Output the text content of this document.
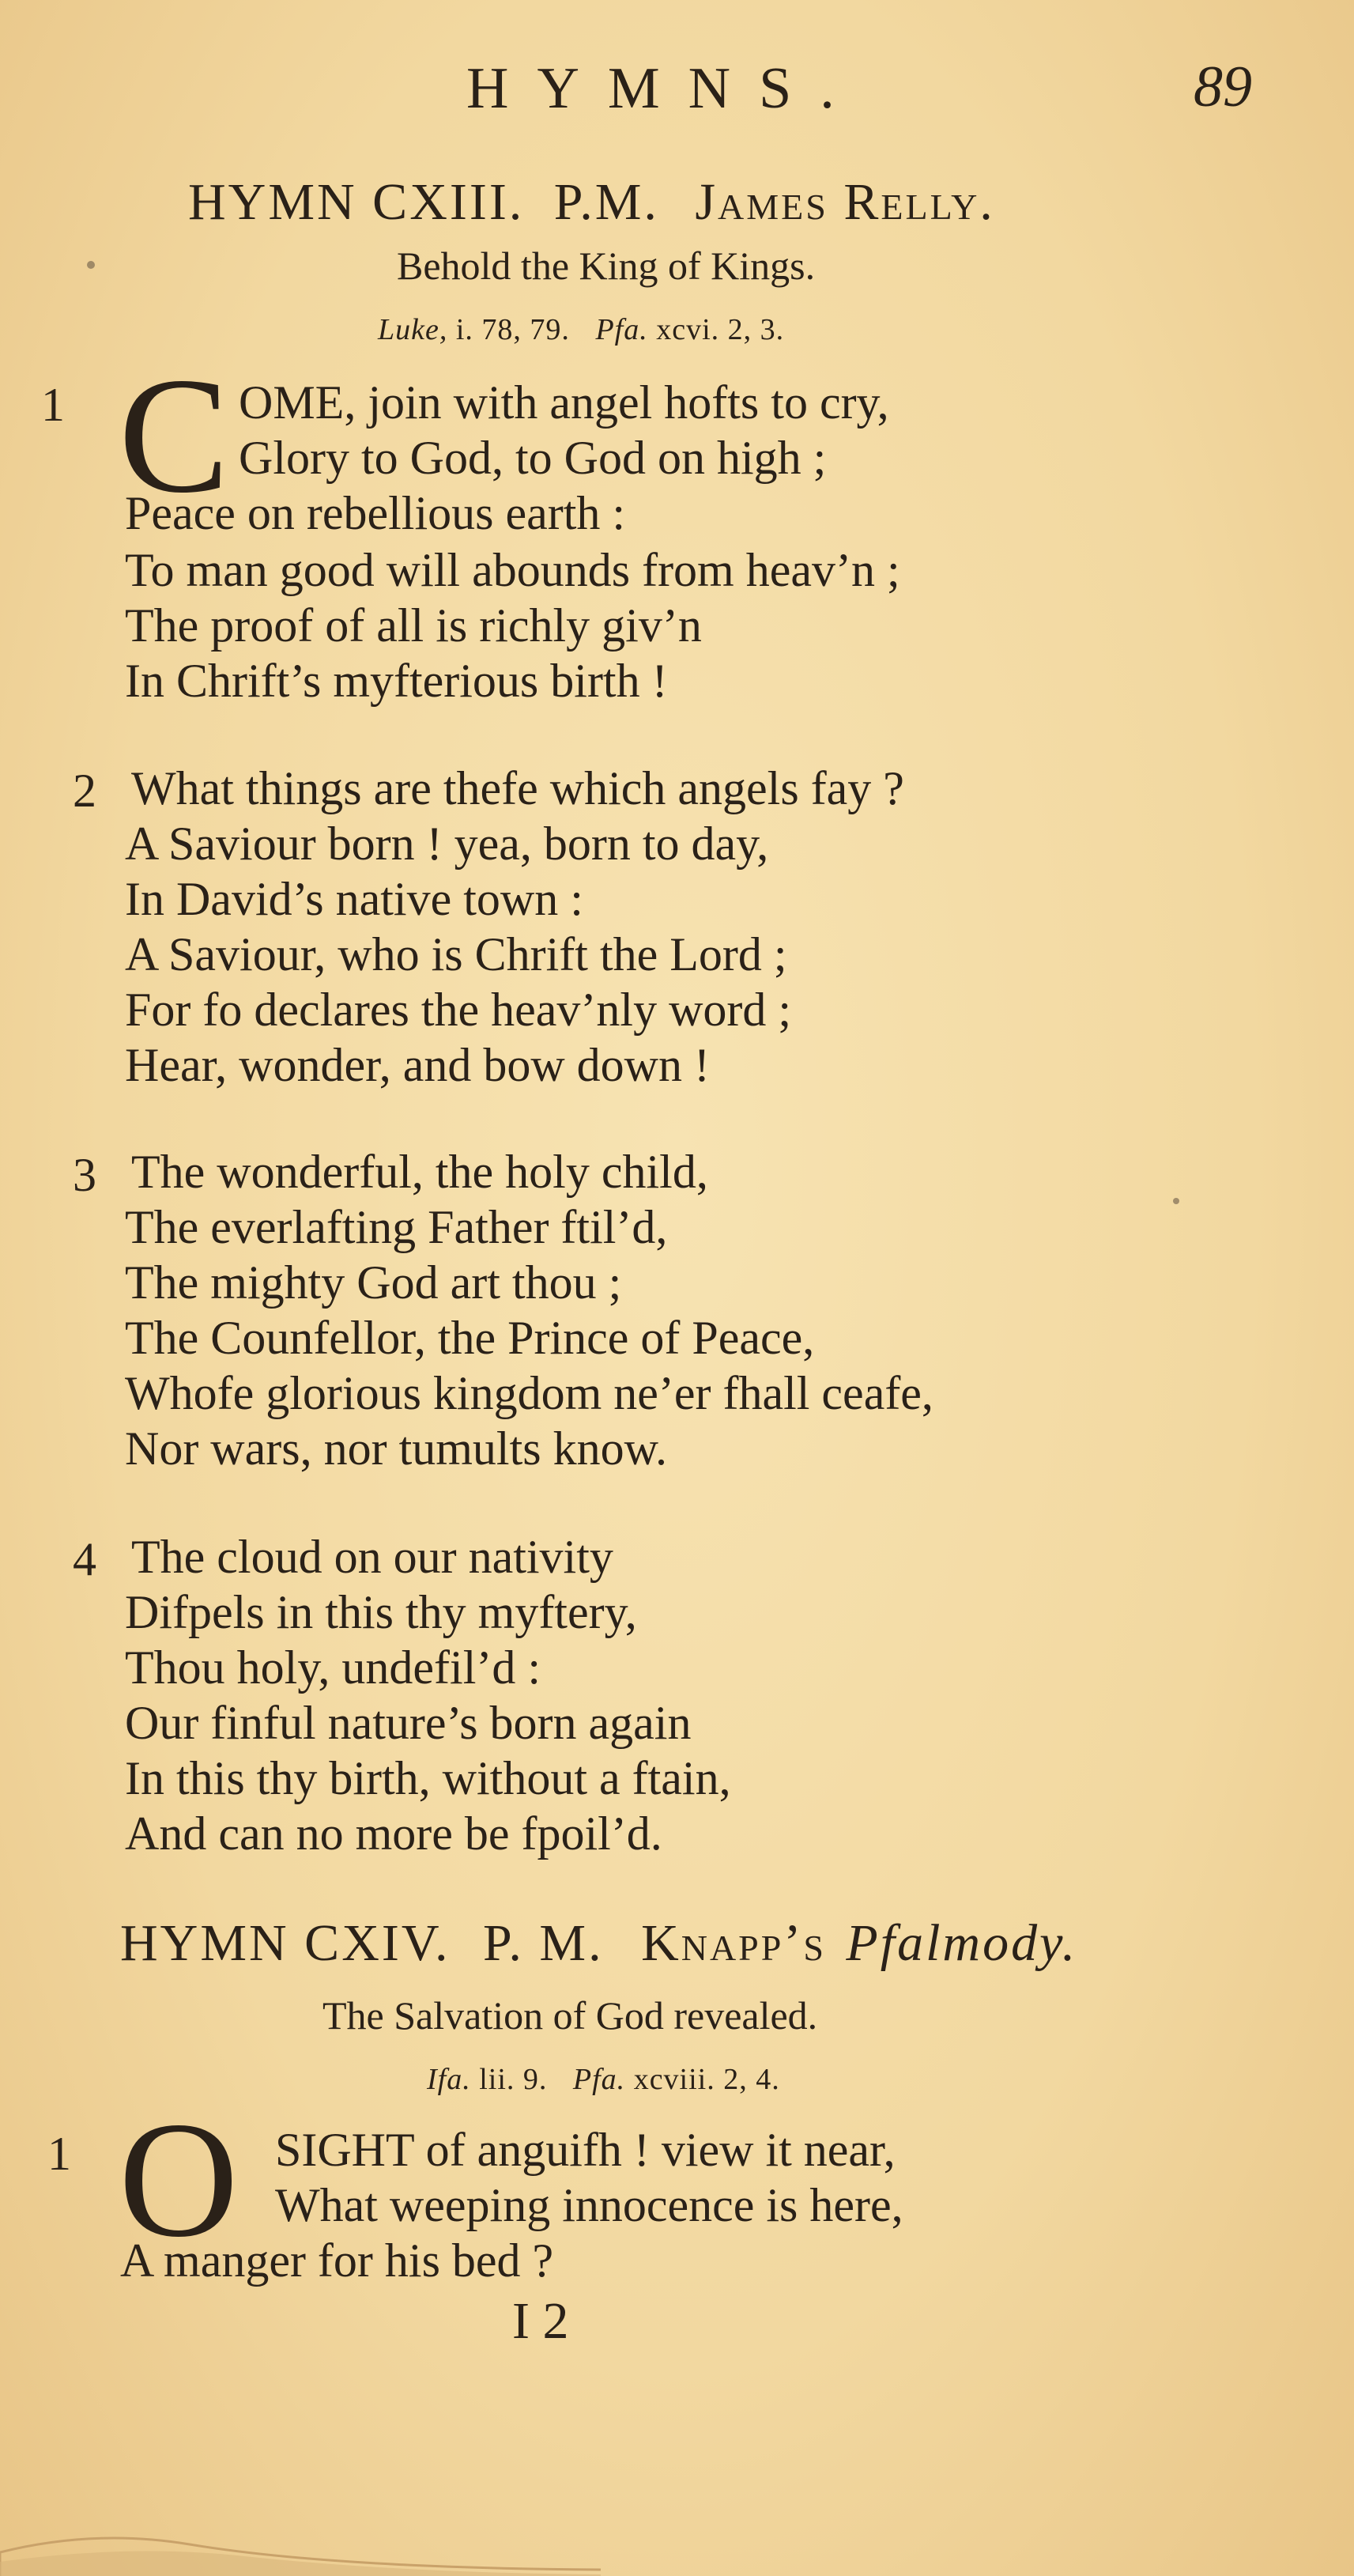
HYMNS.	89
HYMN CXIII. P.M. James Relly.
Behold the King of Kings.
Luke, i. 78, 79. Pfa. xcvi. 2, 3.
1 C OME, join with angel hofts to cry,
Glory to God, to God on high ;
Peace on rebellious earth :
To man good will abounds from heav’n ;
The proof of all is richly giv’n
In Chrift’s myfterious birth !
2 What things are thefe which angels fay ?
A Saviour born ! yea, born to day,
In David’s native town :
A Saviour, who is Chrift the Lord ;
For fo declares the heav’nly word ;
Hear, wonder, and bow down !
3 The wonderful, the holy child,
The everlafting Father ftil’d,
The mighty God art thou ;
The Counfellor, the Prince of Peace,
Whofe glorious kingdom ne’er fhall ceafe,
Nor wars, nor tumults know.
4 The cloud on our nativity
Difpels in this thy myftery,
Thou holy, undefil’d :
Our finful nature’s born again
In this thy birth, without a ftain,
And can no more be fpoil’d.
HYMN CXIV. P. M. Knapp’s Pfalmody.
The Salvation of God revealed.
Ifa. lii. 9. Pfa. xcviii. 2, 4.
1 O SIGHT of anguifh ! view it near,
What weeping innocence is here,
A manger for his bed ?
I 2
